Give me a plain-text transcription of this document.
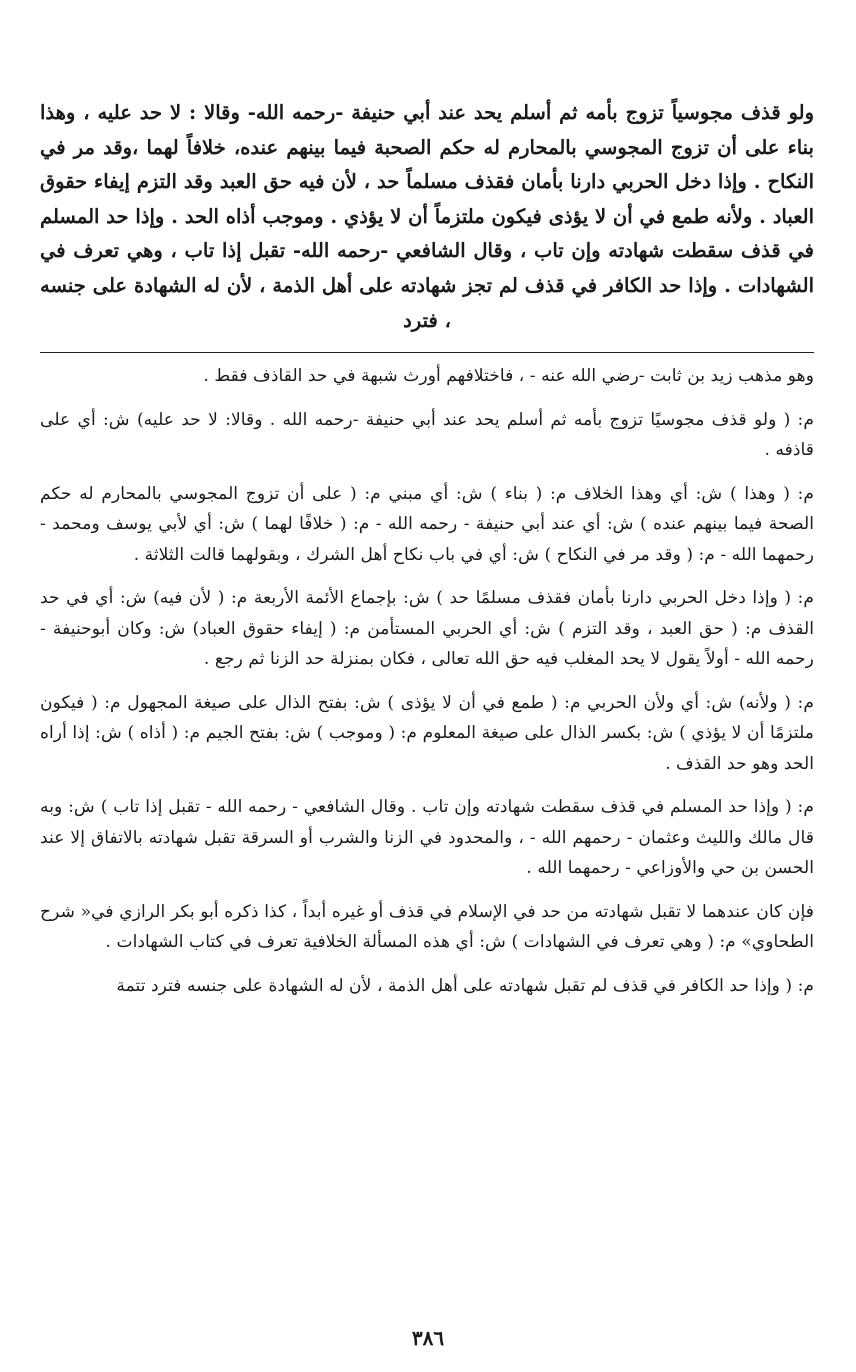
ولو قذف مجوسياً تزوج بأمه ثم أسلم يحد عند أبي حنيفة -رحمه الله- وقالا : لا حد عليه ، وهذا بناء على أن تزوج المجوسي بالمحارم له حكم الصحبة فيما بينهم عنده، خلافاً لهما ،وقد مر في النكاح . وإذا دخل الحربي دارنا بأمان فقذف مسلماً حد ، لأن فيه حق العبد وقد التزم إيفاء حقوق العباد . ولأنه طمع في أن لا يؤذى فيكون ملتزماً أن لا يؤذي . وموجب أذاه الحد . وإذا حد المسلم في قذف سقطت شهادته وإن تاب ، وقال الشافعي -رحمه الله- تقبل إذا تاب ، وهي تعرف في الشهادات . وإذا حد الكافر في قذف لم تجز شهادته على أهل الذمة ، لأن له الشهادة على جنسه ، فترد

وهو مذهب زيد بن ثابت -رضي الله عنه - ، فاختلافهم أورث شبهة في حد القاذف فقط .

م: ( ولو قذف مجوسيًا تزوج بأمه ثم أسلم يحد عند أبي حنيفة -رحمه الله . وقالا: لا حد عليه) ش: أي على قاذفه .

م: ( وهذا ) ش: أي وهذا الخلاف م: ( بناء ) ش: أي مبني م: ( على أن تزوج المجوسي بالمحارم له حكم الصحة فيما بينهم عنده ) ش: أي عند أبي حنيفة - رحمه الله - م: ( خلافًا لهما ) ش: أي لأبي يوسف ومحمد - رحمهما الله - م: ( وقد مر في النكاح ) ش: أي في باب نكاح أهل الشرك ، وبقولهما قالت الثلاثة .

م: ( وإذا دخل الحربي دارنا بأمان فقذف مسلمًا حد ) ش: بإجماع الأئمة الأربعة م: ( لأن فيه) ش: أي في حد القذف م: ( حق العبد ، وقد التزم ) ش: أي الحربي المستأمن م: ( إيفاء حقوق العباد) ش: وكان أبوحنيفة - رحمه الله - أولاً يقول لا يحد المغلب فيه حق الله تعالى ، فكان بمنزلة حد الزنا ثم رجع .

م: ( ولأنه) ش: أي ولأن الحربي م: ( طمع في أن لا يؤذى ) ش: بفتح الذال على صيغة المجهول م: ( فيكون ملتزمًا أن لا يؤذي ) ش: بكسر الذال على صيغة المعلوم م: ( وموجب ) ش: بفتح الجيم م: ( أذاه ) ش: إذا أراه الحد وهو حد القذف .

م: ( وإذا حد المسلم في قذف سقطت شهادته وإن تاب . وقال الشافعي - رحمه الله - تقبل إذا تاب ) ش: وبه قال مالك والليث وعثمان - رحمهم الله - ، والمحدود في الزنا والشرب أو السرقة تقبل شهادته بالاتفاق إلا عند الحسن بن حي والأوزاعي - رحمهما الله .

فإن كان عندهما لا تقبل شهادته من حد في الإسلام في قذف أو غيره أبداً ، كذا ذكره أبو بكر الرازي في« شرح الطحاوي» م: ( وهي تعرف في الشهادات ) ش: أي هذه المسألة الخلافية تعرف في كتاب الشهادات .

م: ( وإذا حد الكافر في قذف لم تقبل شهادته على أهل الذمة ، لأن له الشهادة على جنسه فترد تتمة

٣٨٦
